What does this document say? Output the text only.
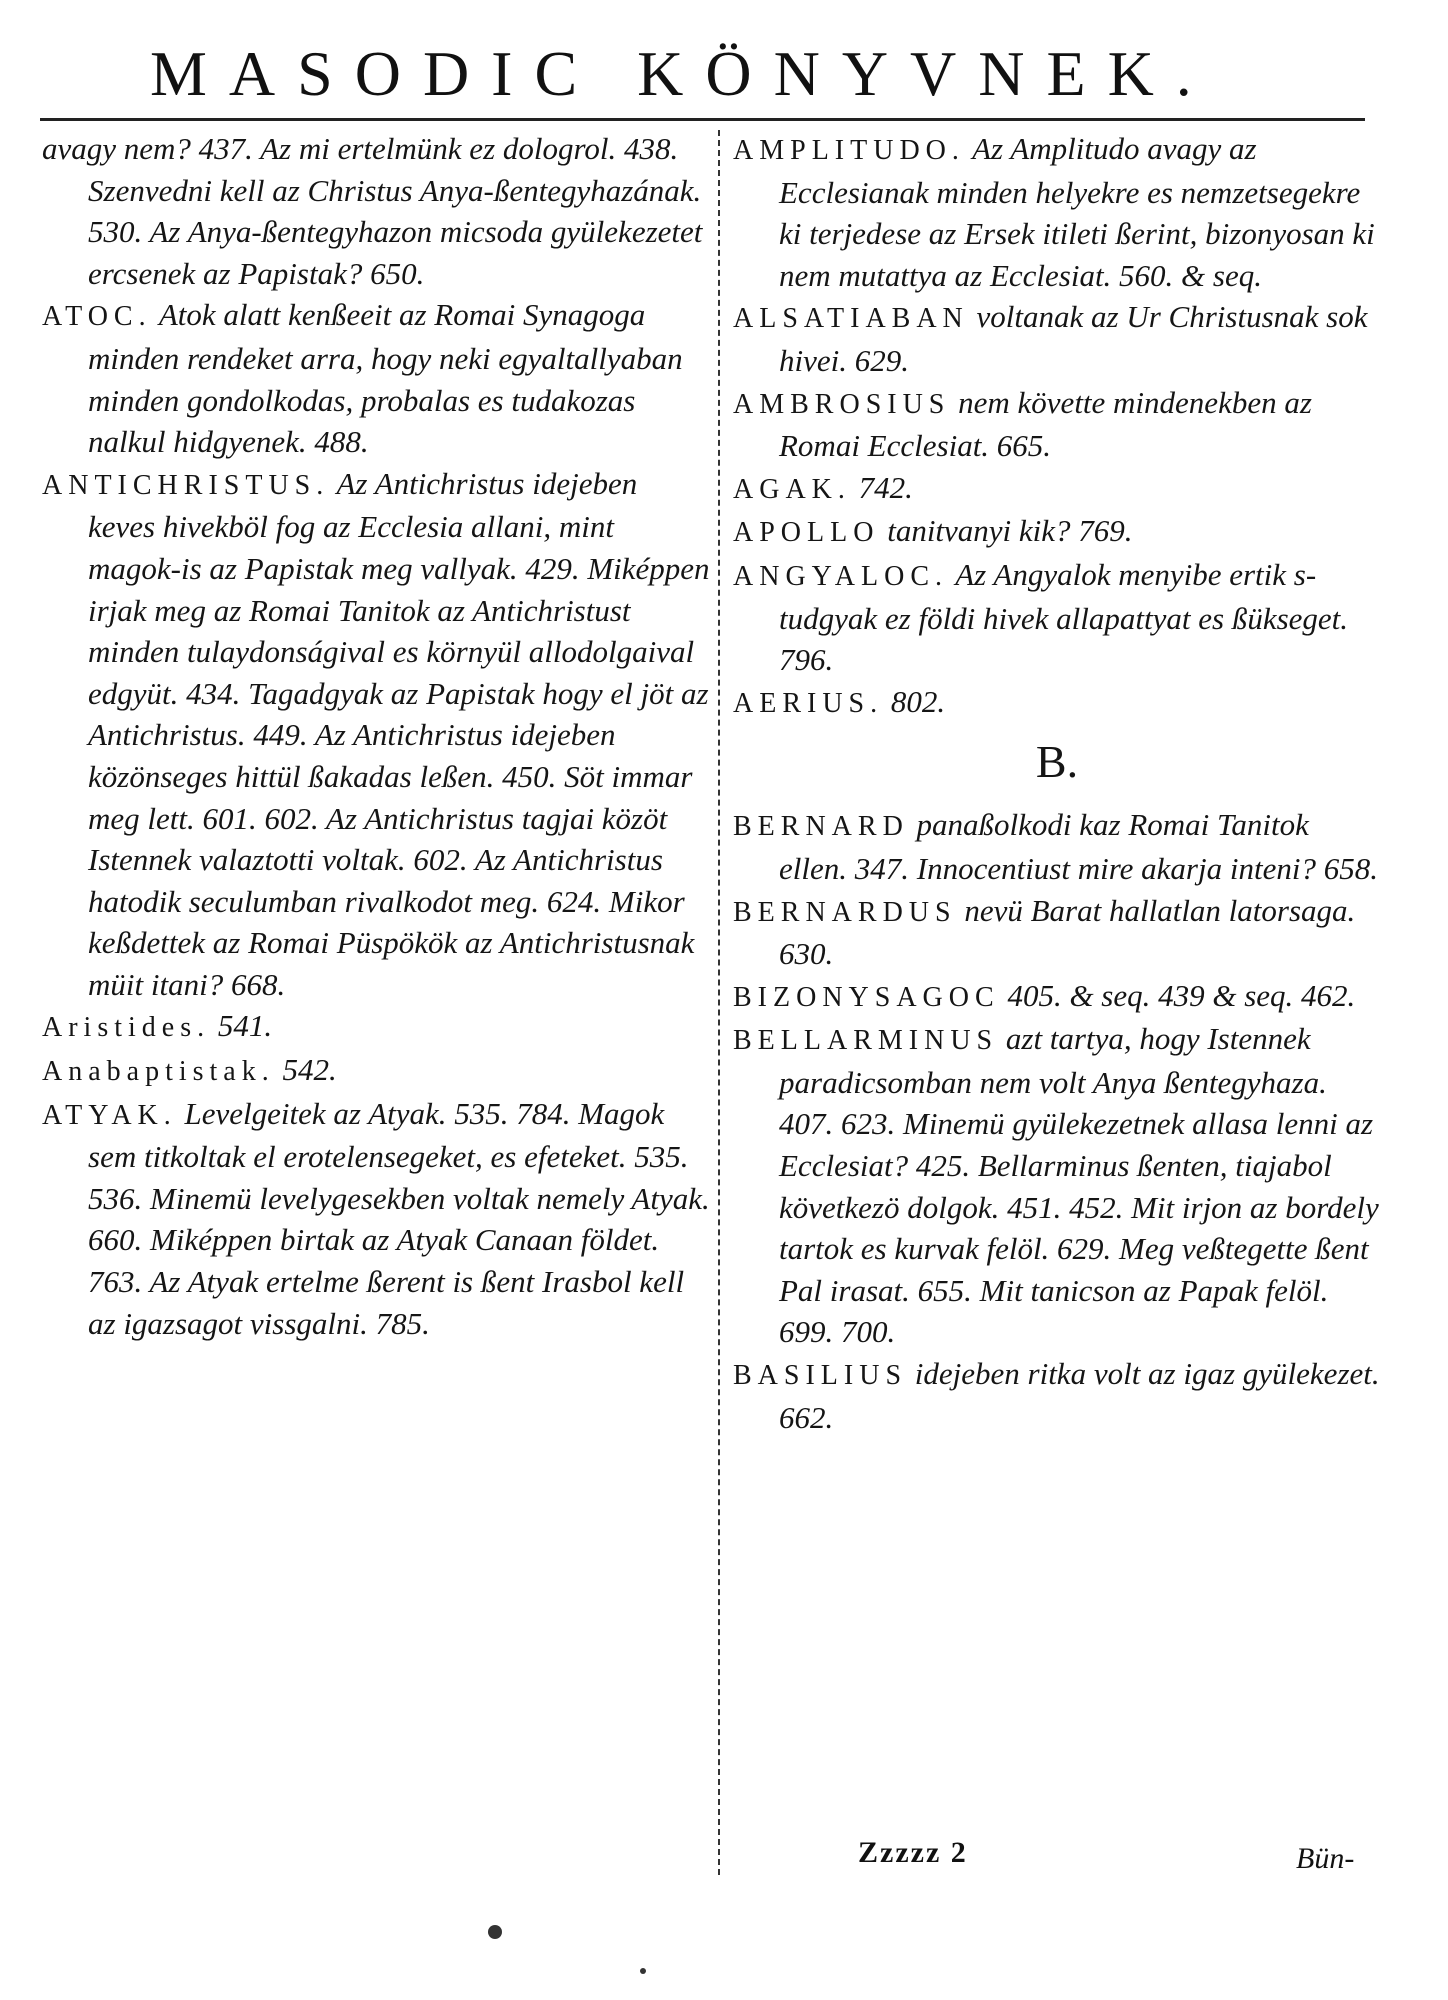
MASODIC KÖNYVNEK.

avagy nem? 437. Az mi ertelmünk ez dologrol. 438. Szenvedni kell az Christus Anya-ßentegyhazának. 530. Az Anya-ßentegyhazon micsoda gyülekezetet ercsenek az Papistak? 650.

ATOC. Atok alatt kenßeeit az Romai Synagoga minden rendeket arra, hogy neki egyaltallyaban minden gondolkodas, probalas es tudakozas nalkul hidgyenek. 488.

ANTICHRISTUS. Az Antichristus idejeben keves hivekböl fog az Ecclesia allani, mint magok-is az Papistak meg vallyak. 429. Miképpen irjak meg az Romai Tanitok az Antichristust minden tulaydonságival es környül allodolgaival edgyüt. 434. Tagadgyak az Papistak hogy el jöt az Antichristus. 449. Az Antichristus idejeben közönseges hittül ßakadas leßen. 450. Söt immar meg lett. 601. 602. Az Antichristus tagjai közöt Istennek valaztotti voltak. 602. Az Antichristus hatodik seculumban rivalkodot meg. 624. Mikor keßdettek az Romai Püspökök az Antichristusnak müit itani? 668.

Aristides. 541.

Anabaptistak. 542.

ATYAK. Levelgeitek az Atyak. 535. 784. Magok sem titkoltak el erotelensegeket, es efeteket. 535. 536. Minemü levelygesekben voltak nemely Atyak. 660. Miképpen birtak az Atyak Canaan földet. 763. Az Atyak ertelme ßerent is ßent Irasbol kell az igazsagot vissgalni. 785.

AMPLITUDO. Az Amplitudo avagy az Ecclesianak minden helyekre es nemzetsegekre ki terjedese az Ersek itileti ßerint, bizonyosan ki nem mutattya az Ecclesiat. 560. & seq.

ALSATIABAN voltanak az Ur Christusnak sok hivei. 629.

AMBROSIUS nem követte mindenekben az Romai Ecclesiat. 665.

AGAK. 742.

APOLLO tanitvanyi kik? 769.

ANGYALOC. Az Angyalok menyibe ertik s- tudgyak ez földi hivek allapattyat es ßükseget. 796.

AERIUS. 802.

B.

BERNARD panaßolkodi kaz Romai Tanitok ellen. 347. Innocentiust mire akarja inteni? 658.

BERNARDUS nevü Barat hallatlan latorsaga. 630.

BIZONYSAGOC 405. & seq. 439 & seq. 462.

BELLARMINUS azt tartya, hogy Istennek paradicsomban nem volt Anya ßentegyhaza. 407. 623. Minemü gyülekezetnek allasa lenni az Ecclesiat? 425. Bellarminus ßenten, tiajabol következö dolgok. 451. 452. Mit irjon az bordely tartok es kurvak felöl. 629. Meg veßtegette ßent Pal irasat. 655. Mit tanicson az Papak felöl. 699. 700.

BASILIUS idejeben ritka volt az igaz gyülekezet. 662.

Zzzzz 2	Bün-
